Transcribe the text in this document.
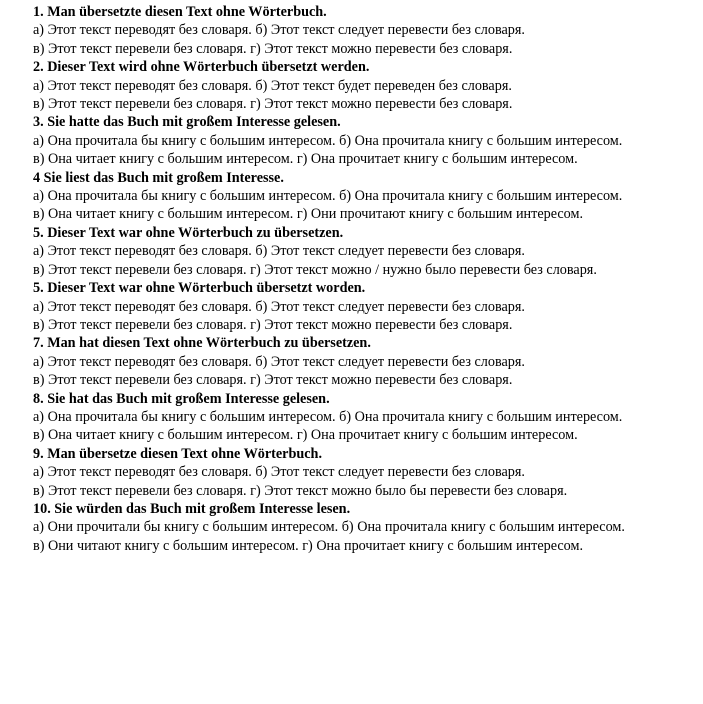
1. Man übersetzte diesen Text ohne Wörterbuch.
а) Этот текст переводят без словаря. б) Этот текст следует перевести без словаря.
в) Этот текст перевели без словаря. г) Этот текст можно перевести без словаря.
2. Dieser Text wird ohne Wörterbuch übersetzt werden.
а) Этот текст переводят без словаря. б) Этот текст будет переведен без словаря.
в) Этот текст перевели без словаря. г) Этот текст можно перевести без словаря.
3. Sie hatte das Buch mit großem Interesse gelesen.
а) Она прочитала бы книгу с большим интересом. б) Она прочитала книгу с большим интересом.
в) Она читает книгу с большим интересом. г) Она прочитает книгу с большим интересом.
4 Sie liest das Buch mit großem Interesse.
а) Она прочитала бы книгу с большим интересом. б) Она прочитала книгу с большим интересом.
в) Она читает книгу с большим интересом. г) Они прочитают книгу с большим интересом.
5. Dieser Text war ohne Wörterbuch zu übersetzen.
а) Этот текст переводят без словаря. б) Этот текст следует перевести без словаря.
в) Этот текст перевели без словаря. г) Этот текст можно / нужно было перевести без словаря.
5. Dieser Text war ohne Wörterbuch übersetzt worden.
а) Этот текст переводят без словаря. б) Этот текст следует перевести без словаря.
в) Этот текст перевели без словаря. г) Этот текст можно перевести без словаря.
7. Man hat diesen Text ohne Wörterbuch zu übersetzen.
а) Этот текст переводят без словаря. б) Этот текст следует перевести без словаря.
в) Этот текст перевели без словаря. г) Этот текст можно перевести без словаря.
8. Sie hat das Buch mit großem Interesse gelesen.
а) Она прочитала бы книгу с большим интересом. б) Она прочитала книгу с большим интересом.
в) Она читает книгу с большим интересом. г) Она прочитает книгу с большим интересом.
9. Man übersetze diesen Text ohne Wörterbuch.
а) Этот текст переводят без словаря. б) Этот текст следует перевести без словаря.
в) Этот текст перевели без словаря. г) Этот текст можно было бы перевести без словаря.
10. Sie würden das Buch mit großem Interesse lesen.
а) Они прочитали бы книгу с большим интересом. б) Она прочитала книгу с большим интересом.
в) Они читают книгу с большим интересом. г) Она прочитает книгу с большим интересом.
